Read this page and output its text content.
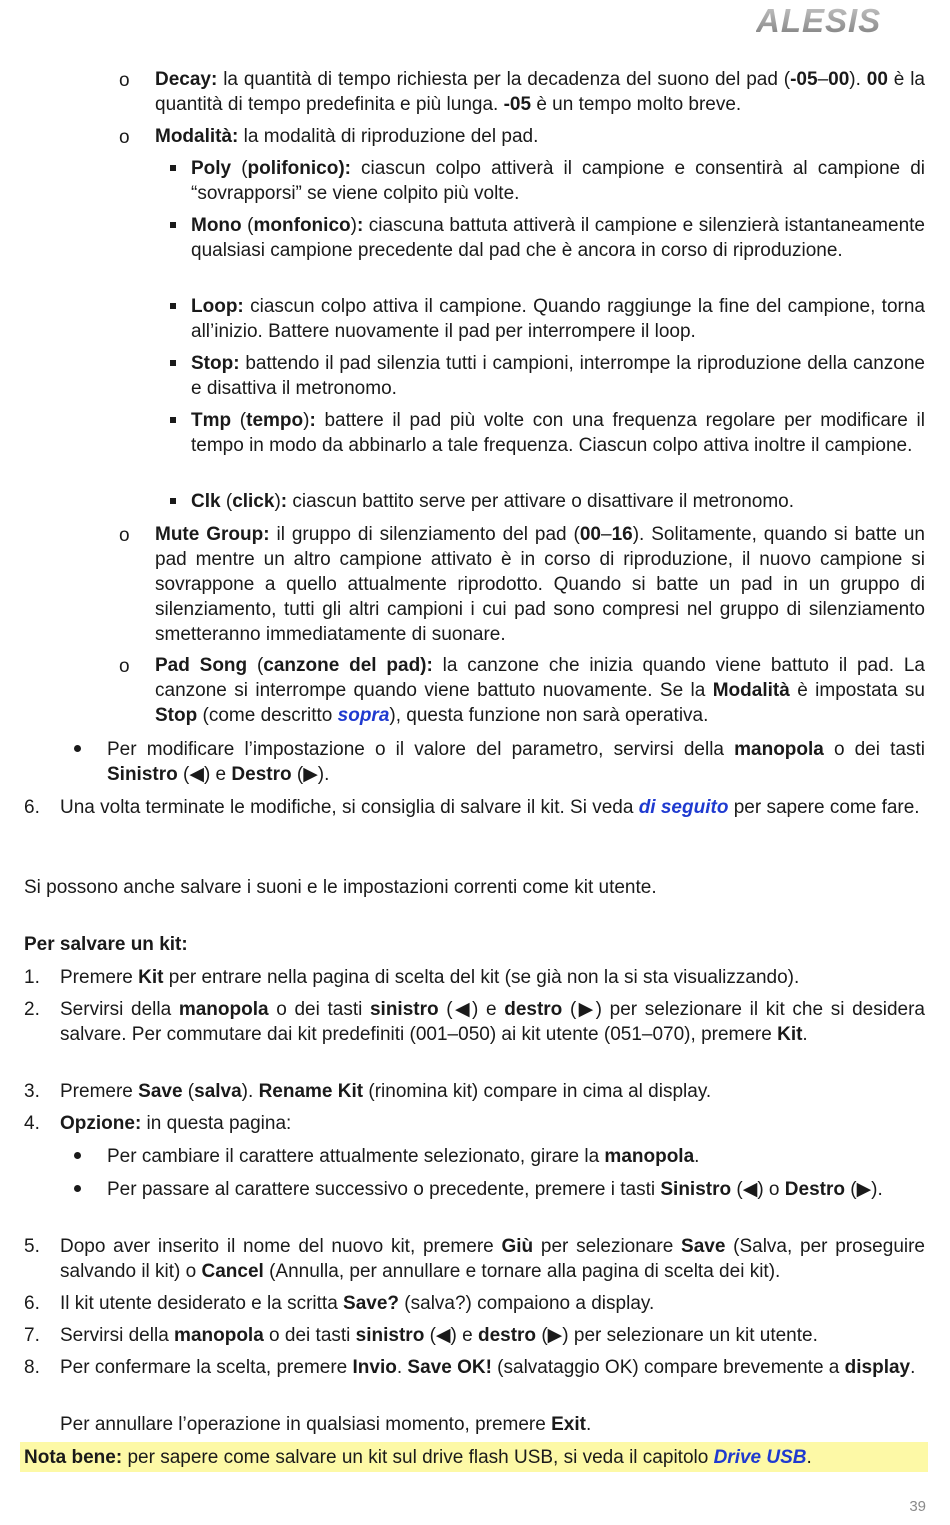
ALESIS
o Decay: la quantità di tempo richiesta per la decadenza del suono del pad (-05–00). 00 è la quantità di tempo predefinita e più lunga. -05 è un tempo molto breve.
o Modalità: la modalità di riproduzione del pad.
Poly (polifonico): ciascun colpo attiverà il campione e consentirà al campione di “sovrapporsi” se viene colpito più volte.
Mono (monfonico): ciascuna battuta attiverà il campione e silenzierà istantaneamente qualsiasi campione precedente dal pad che è ancora in corso di riproduzione.
Loop: ciascun colpo attiva il campione. Quando raggiunge la fine del campione, torna all’inizio. Battere nuovamente il pad per interrompere il loop.
Stop: battendo il pad silenzia tutti i campioni, interrompe la riproduzione della canzone e disattiva il metronomo.
Tmp (tempo): battere il pad più volte con una frequenza regolare per modificare il tempo in modo da abbinarlo a tale frequenza. Ciascun colpo attiva inoltre il campione.
Clk (click): ciascun battito serve per attivare o disattivare il metronomo.
o Mute Group: il gruppo di silenziamento del pad (00–16). Solitamente, quando si batte un pad mentre un altro campione attivato è in corso di riproduzione, il nuovo campione si sovrappone a quello attualmente riprodotto. Quando si batte un pad in un gruppo di silenziamento, tutti gli altri campioni i cui pad sono compresi nel gruppo di silenziamento smetteranno immediatamente di suonare.
o Pad Song (canzone del pad): la canzone che inizia quando viene battuto il pad. La canzone si interrompe quando viene battuto nuovamente. Se la Modalità è impostata su Stop (come descritto sopra), questa funzione non sarà operativa.
Per modificare l’impostazione o il valore del parametro, servirsi della manopola o dei tasti Sinistro (◀) e Destro (▶).
6. Una volta terminate le modifiche, si consiglia di salvare il kit. Si veda di seguito per sapere come fare.
Si possono anche salvare i suoni e le impostazioni correnti come kit utente.
Per salvare un kit:
1. Premere Kit per entrare nella pagina di scelta del kit (se già non la si sta visualizzando).
2. Servirsi della manopola o dei tasti sinistro (◀) e destro (▶) per selezionare il kit che si desidera salvare. Per commutare dai kit predefiniti (001–050) ai kit utente (051–070), premere Kit.
3. Premere Save (salva). Rename Kit (rinomina kit) compare in cima al display.
4. Opzione: in questa pagina:
Per cambiare il carattere attualmente selezionato, girare la manopola.
Per passare al carattere successivo o precedente, premere i tasti Sinistro (◀) o Destro (▶).
5. Dopo aver inserito il nome del nuovo kit, premere Giù per selezionare Save (Salva, per proseguire salvando il kit) o Cancel (Annulla, per annullare e tornare alla pagina di scelta dei kit).
6. Il kit utente desiderato e la scritta Save? (salva?) compaiono a display.
7. Servirsi della manopola o dei tasti sinistro (◀) e destro (▶) per selezionare un kit utente.
8. Per confermare la scelta, premere Invio. Save OK! (salvataggio OK) compare brevemente a display.
Per annullare l’operazione in qualsiasi momento, premere Exit.
Nota bene: per sapere come salvare un kit sul drive flash USB, si veda il capitolo Drive USB.
39
